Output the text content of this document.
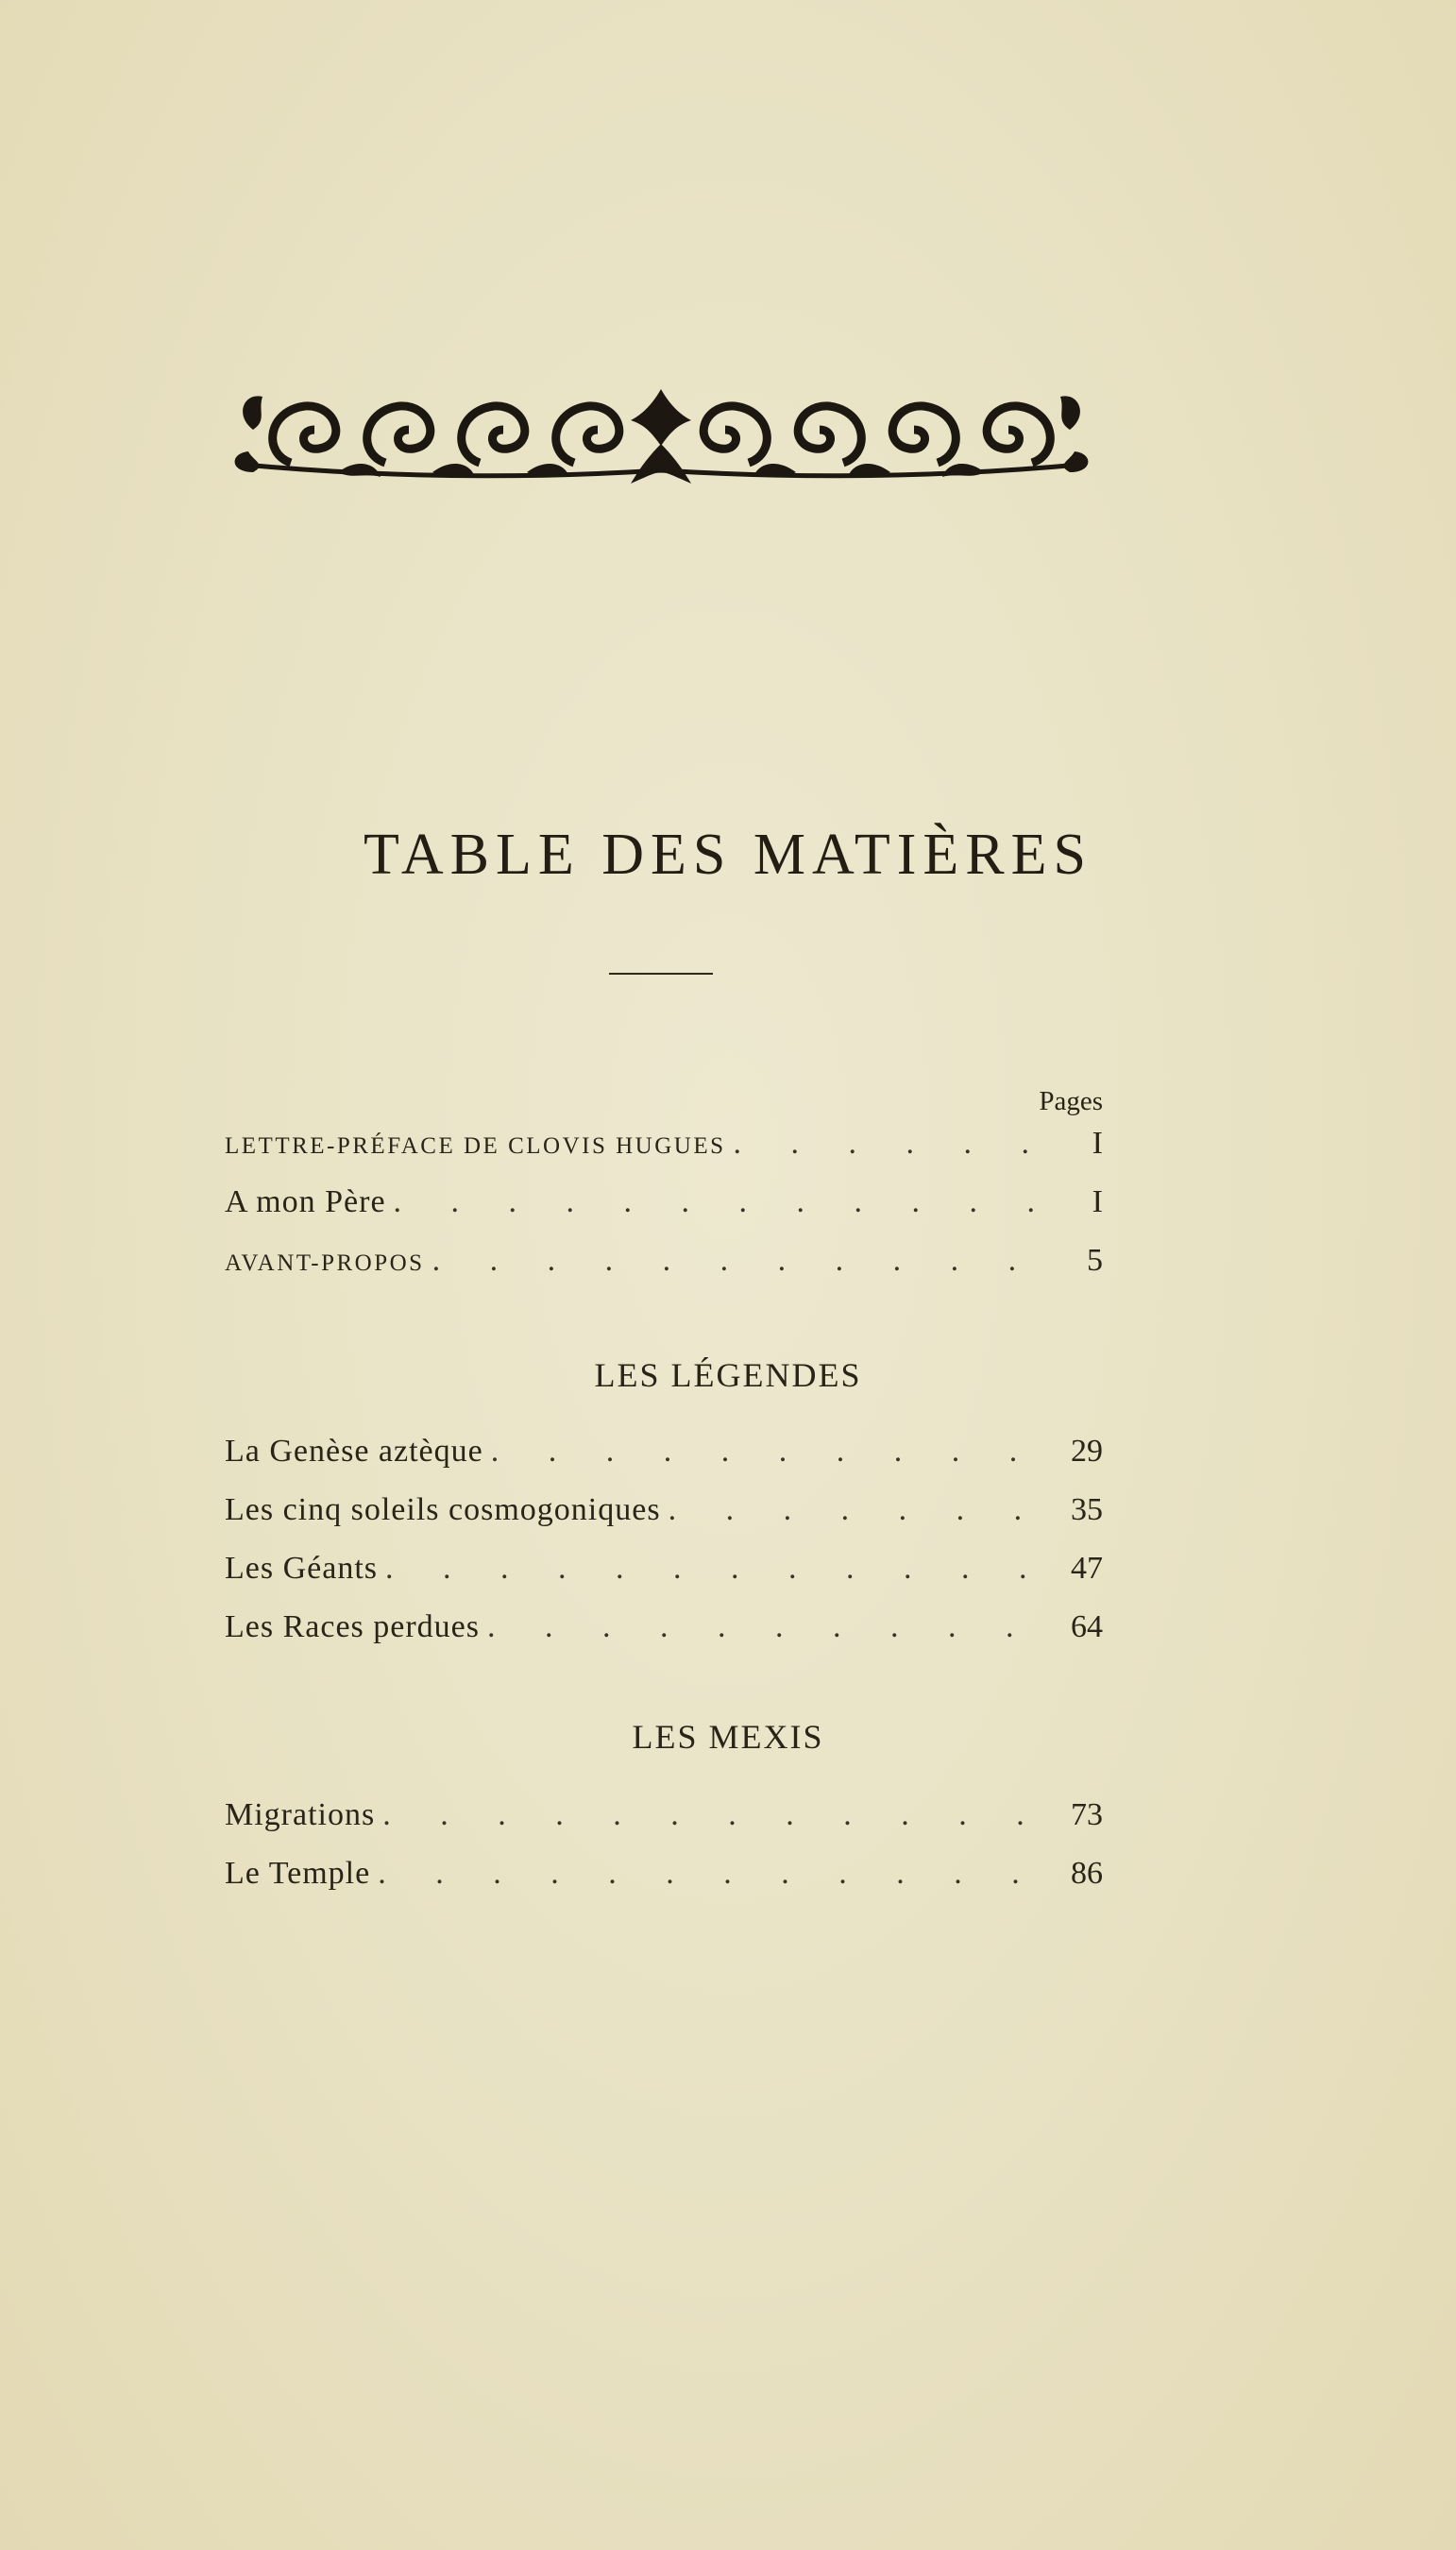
TABLE DES MATIÈRES
Pages
LETTRE-PRÉFACE DE CLOVIS HUGUES . . .	I
A mon Père . . .	I
AVANT-PROPOS . . .	5
LES LÉGENDES
La Genèse aztèque . . .	29
Les cinq soleils cosmogoniques . . .	35
Les Géants . . .	47
Les Races perdues . . .	64
LES MEXIS
Migrations . . .	73
Le Temple . . .	86
